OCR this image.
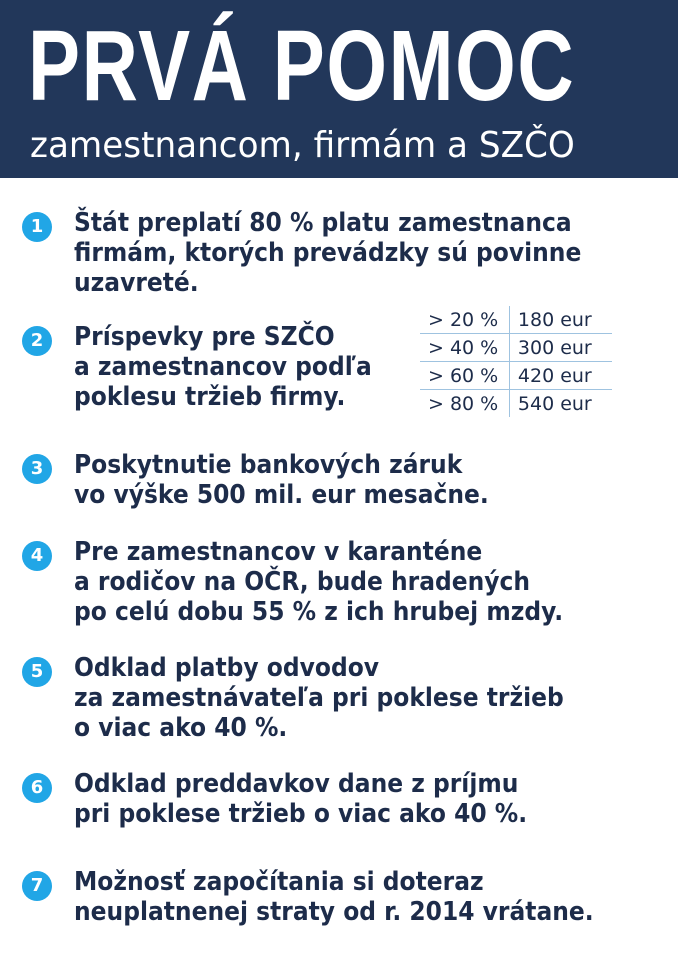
PRVÁ POMOC
zamestnancom, firmám a SZČO
1	Štát preplatí 80 % platu zamestnanca
firmám, ktorých prevádzky sú povinne
uzavreté.
2	Príspevky pre SZČO
a zamestnancov podľa
poklesu tržieb firmy.
> 20 %	180 eur
> 40 %	300 eur
> 60 %	420 eur
> 80 %	540 eur
3	Poskytnutie bankových záruk
vo výške 500 mil. eur mesačne.
4	Pre zamestnancov v karanténe
a rodičov na OČR, bude hradených
po celú dobu 55 % z ich hrubej mzdy.
5	Odklad platby odvodov
za zamestnávateľa pri poklese tržieb
o viac ako 40 %.
6	Odklad preddavkov dane z príjmu
pri poklese tržieb o viac ako 40 %.
7	Možnosť započítania si doteraz
neuplatnenej straty od r. 2014 vrátane.
